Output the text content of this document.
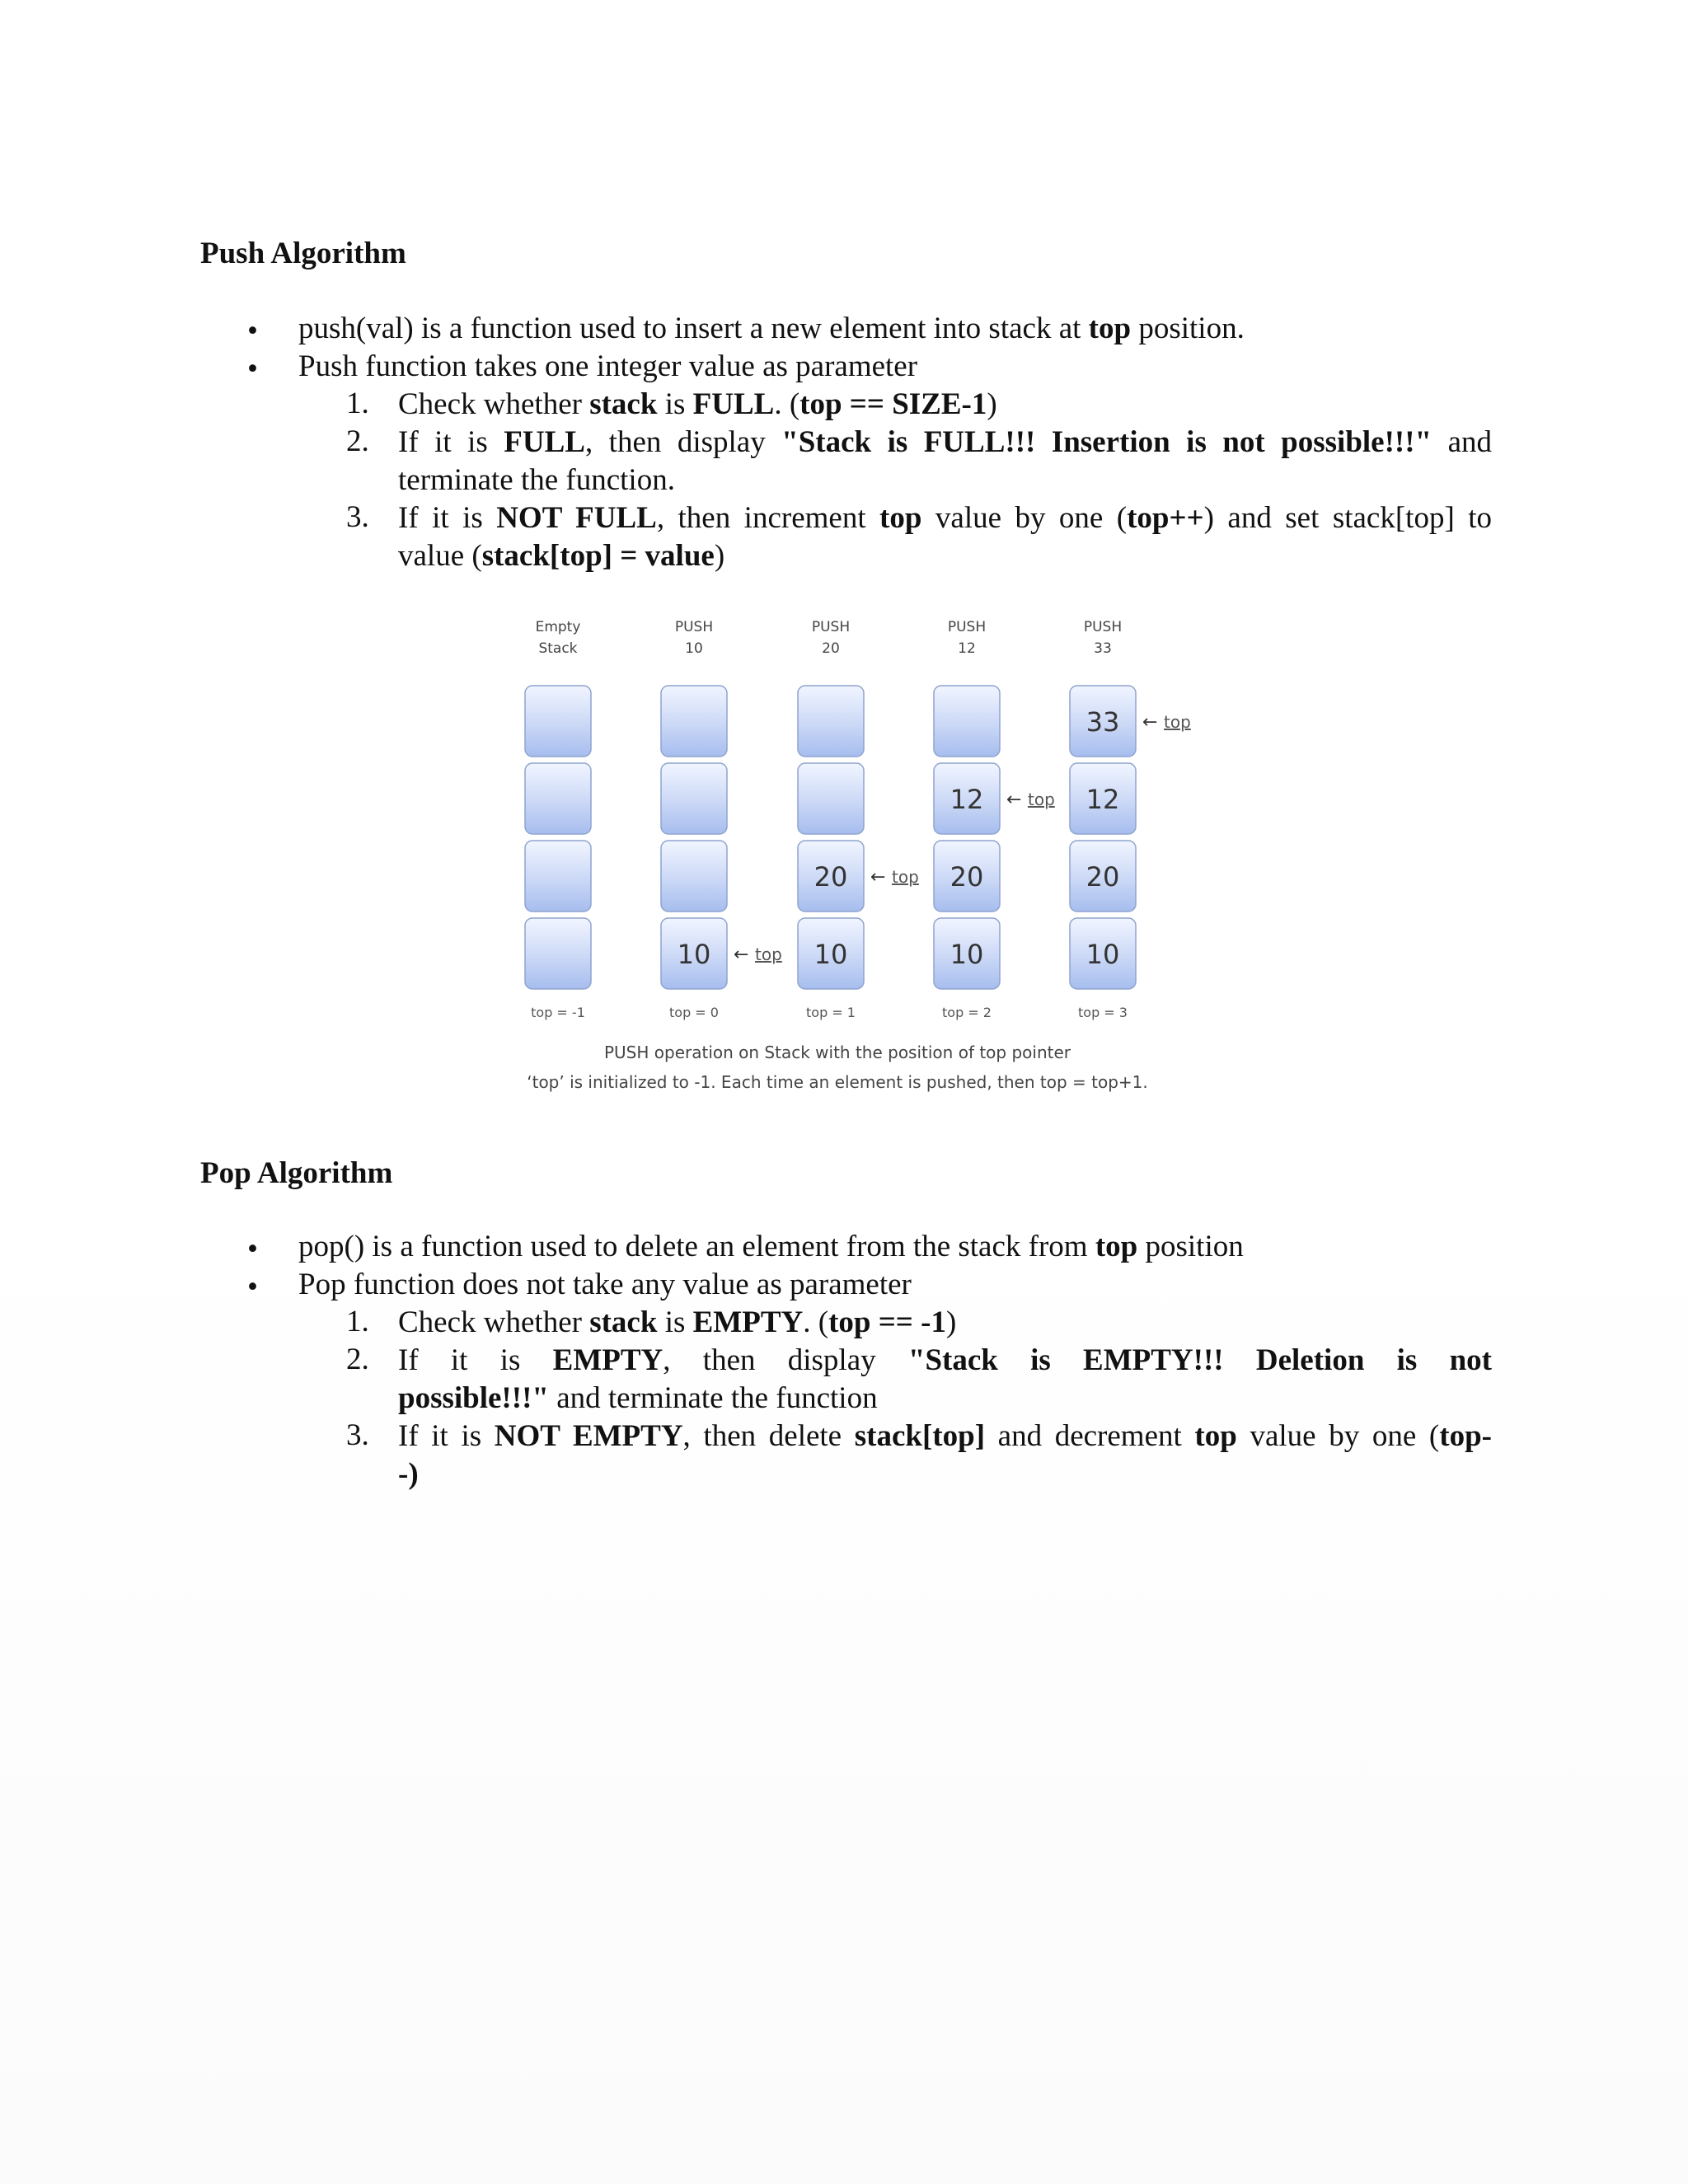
Push Algorithm
• push(val) is a function used to insert a new element into stack at top position.
• Push function takes one integer value as parameter
1. Check whether stack is FULL. (top == SIZE-1)
2. If it is FULL, then display "Stack is FULL!!! Insertion is not possible!!!" and
terminate the function.
3. If it is NOT FULL, then increment top value by one (top++) and set stack[top] to
value (stack[top] = value)
Empty
Stack
top = -1
PUSH
10
10 ← top
top = 0
PUSH
20
20 ← top
10
top = 1
PUSH
12
12 ← top
20
10
top = 2
PUSH
33
33 ← top
12
20
10
top = 3
PUSH operation on Stack with the position of top pointer
‘top’ is initialized to -1. Each time an element is pushed, then top = top+1.
Pop Algorithm
• pop() is a function used to delete an element from the stack from top position
• Pop function does not take any value as parameter
1. Check whether stack is EMPTY. (top == -1)
2. If it is EMPTY, then display "Stack is EMPTY!!! Deletion is not
possible!!!" and terminate the function
3. If it is NOT EMPTY, then delete stack[top] and decrement top value by one (top-
-)
